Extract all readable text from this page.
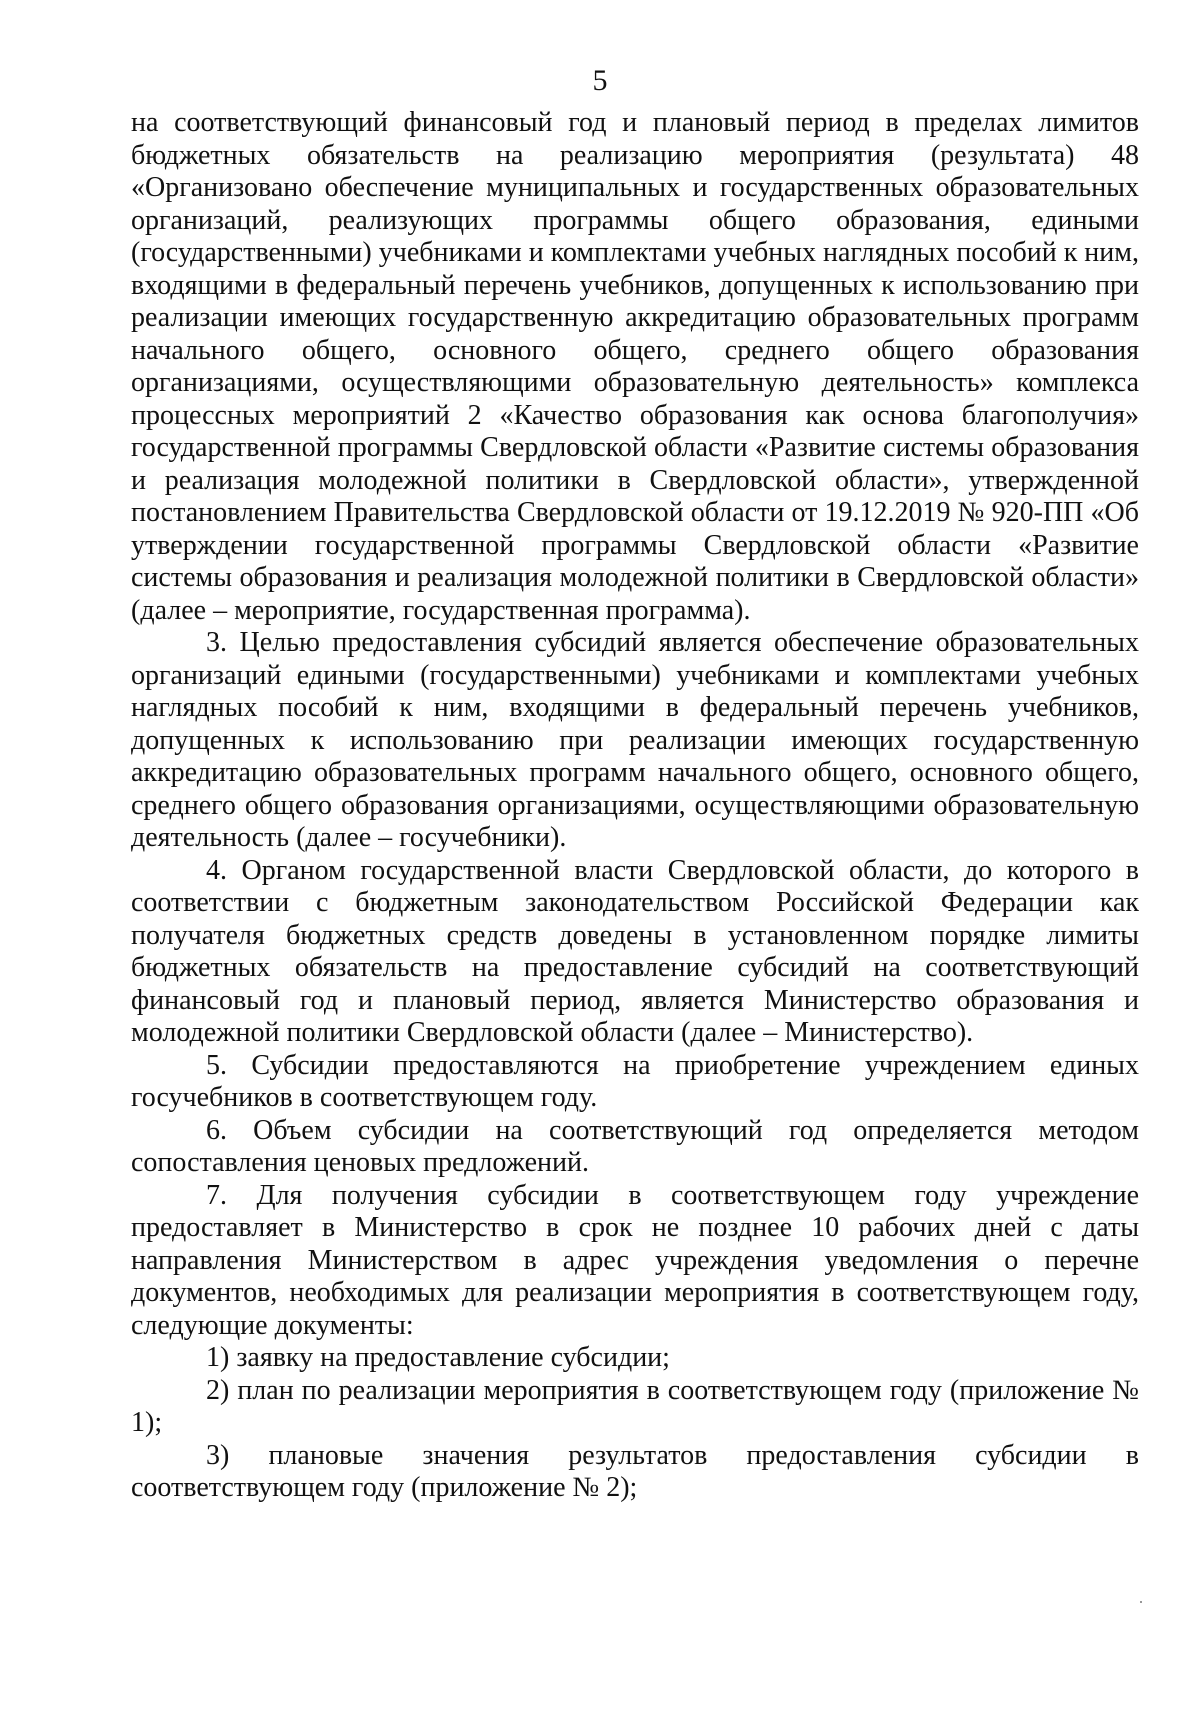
5

на соответствующий финансовый год и плановый период в пределах лимитов бюджетных обязательств на реализацию мероприятия (результата) 48 «Организовано обеспечение муниципальных и государственных образовательных организаций, реализующих программы общего образования, едиными (государственными) учебниками и комплектами учебных наглядных пособий к ним, входящими в федеральный перечень учебников, допущенных к использованию при реализации имеющих государственную аккредитацию образовательных программ начального общего, основного общего, среднего общего образования организациями, осуществляющими образовательную деятельность» комплекса процессных мероприятий 2 «Качество образования как основа благополучия» государственной программы Свердловской области «Развитие системы образования и реализация молодежной политики в Свердловской области», утвержденной постановлением Правительства Свердловской области от 19.12.2019 № 920-ПП «Об утверждении государственной программы Свердловской области «Развитие системы образования и реализация молодежной политики в Свердловской области» (далее – мероприятие, государственная программа).

3. Целью предоставления субсидий является обеспечение образовательных организаций едиными (государственными) учебниками и комплектами учебных наглядных пособий к ним, входящими в федеральный перечень учебников, допущенных к использованию при реализации имеющих государственную аккредитацию образовательных программ начального общего, основного общего, среднего общего образования организациями, осуществляющими образовательную деятельность (далее – госучебники).

4. Органом государственной власти Свердловской области, до которого в соответствии с бюджетным законодательством Российской Федерации как получателя бюджетных средств доведены в установленном порядке лимиты бюджетных обязательств на предоставление субсидий на соответствующий финансовый год и плановый период, является Министерство образования и молодежной политики Свердловской области (далее – Министерство).

5. Субсидии предоставляются на приобретение учреждением единых госучебников в соответствующем году.

6. Объем субсидии на соответствующий год определяется методом сопоставления ценовых предложений.

7. Для получения субсидии в соответствующем году учреждение предоставляет в Министерство в срок не позднее 10 рабочих дней с даты направления Министерством в адрес учреждения уведомления о перечне документов, необходимых для реализации мероприятия в соответствующем году, следующие документы:

1) заявку на предоставление субсидии;

2) план по реализации мероприятия в соответствующем году (приложение № 1);

3) плановые значения результатов предоставления субсидии в соответствующем году (приложение № 2);
